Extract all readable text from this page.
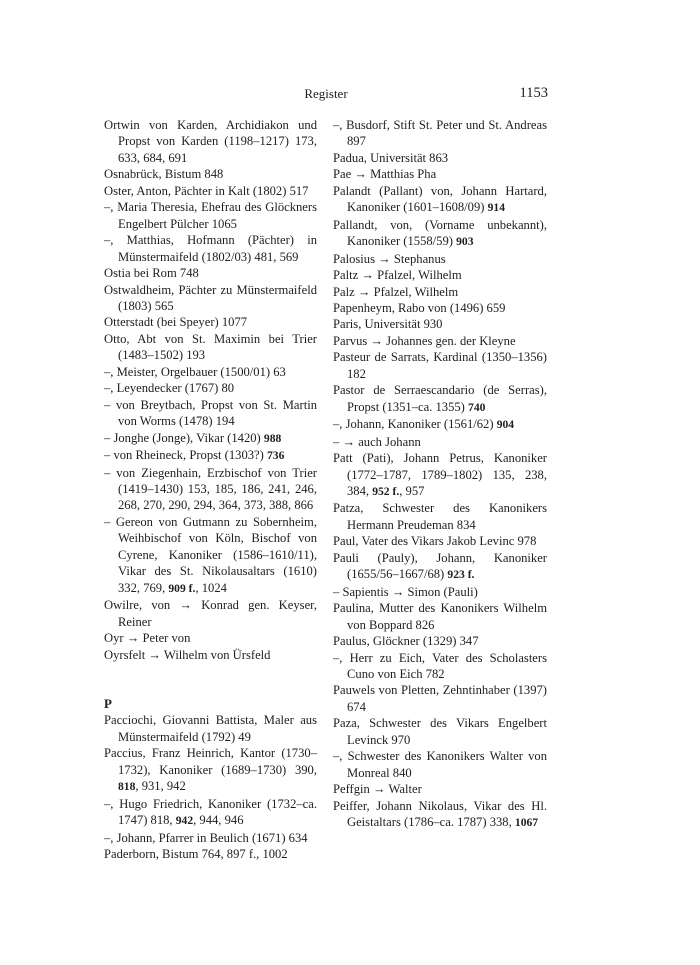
Register	1153
Ortwin von Karden, Archidiakon und Propst von Karden (1198–1217) 173, 633, 684, 691
Osnabrück, Bistum 848
Oster, Anton, Pächter in Kalt (1802) 517
–, Maria Theresia, Ehefrau des Glöckners Engelbert Pülcher 1065
–, Matthias, Hofmann (Pächter) in Münstermaifeld (1802/03) 481, 569
Ostia bei Rom 748
Ostwaldheim, Pächter zu Münstermaifeld (1803) 565
Otterstadt (bei Speyer) 1077
Otto, Abt von St. Maximin bei Trier (1483–1502) 193
–, Meister, Orgelbauer (1500/01) 63
–, Leyendecker (1767) 80
– von Breytbach, Propst von St. Martin von Worms (1478) 194
– Jonghe (Jonge), Vikar (1420) 988
– von Rheineck, Propst (1303?) 736
– von Ziegenhain, Erzbischof von Trier (1419–1430) 153, 185, 186, 241, 246, 268, 270, 290, 294, 364, 373, 388, 866
– Gereon von Gutmann zu Sobernheim, Weihbischof von Köln, Bischof von Cyrene, Kanoniker (1586–1610/11), Vikar des St. Nikolausaltars (1610) 332, 769, 909 f., 1024
Owilre, von → Konrad gen. Keyser, Reiner
Oyr → Peter von
Oyrsfelt → Wilhelm von Ürsfeld
P
Pacciochi, Giovanni Battista, Maler aus Münstermaifeld (1792) 49
Paccius, Franz Heinrich, Kantor (1730–1732), Kanoniker (1689–1730) 390, 818, 931, 942
–, Hugo Friedrich, Kanoniker (1732–ca. 1747) 818, 942, 944, 946
–, Johann, Pfarrer in Beulich (1671) 634
Paderborn, Bistum 764, 897 f., 1002
–, Busdorf, Stift St. Peter und St. Andreas 897
Padua, Universität 863
Pae → Matthias Pha
Palandt (Pallant) von, Johann Hartard, Kanoniker (1601–1608/09) 914
Pallandt, von, (Vorname unbekannt), Kanoniker (1558/59) 903
Palosius → Stephanus
Paltz → Pfalzel, Wilhelm
Palz → Pfalzel, Wilhelm
Papenheym, Rabo von (1496) 659
Paris, Universität 930
Parvus → Johannes gen. der Kleyne
Pasteur de Sarrats, Kardinal (1350–1356) 182
Pastor de Serraescandario (de Serras), Propst (1351–ca. 1355) 740
–, Johann, Kanoniker (1561/62) 904
– → auch Johann
Patt (Pati), Johann Petrus, Kanoniker (1772–1787, 1789–1802) 135, 238, 384, 952 f., 957
Patza, Schwester des Kanonikers Hermann Preudeman 834
Paul, Vater des Vikars Jakob Levinc 978
Pauli (Pauly), Johann, Kanoniker (1655/56–1667/68) 923 f.
– Sapientis → Simon (Pauli)
Paulina, Mutter des Kanonikers Wilhelm von Boppard 826
Paulus, Glöckner (1329) 347
–, Herr zu Eich, Vater des Scholasters Cuno von Eich 782
Pauwels von Pletten, Zehntinhaber (1397) 674
Paza, Schwester des Vikars Engelbert Levinck 970
–, Schwester des Kanonikers Walter von Monreal 840
Peffgin → Walter
Peiffer, Johann Nikolaus, Vikar des Hl. Geistaltars (1786–ca. 1787) 338, 1067
